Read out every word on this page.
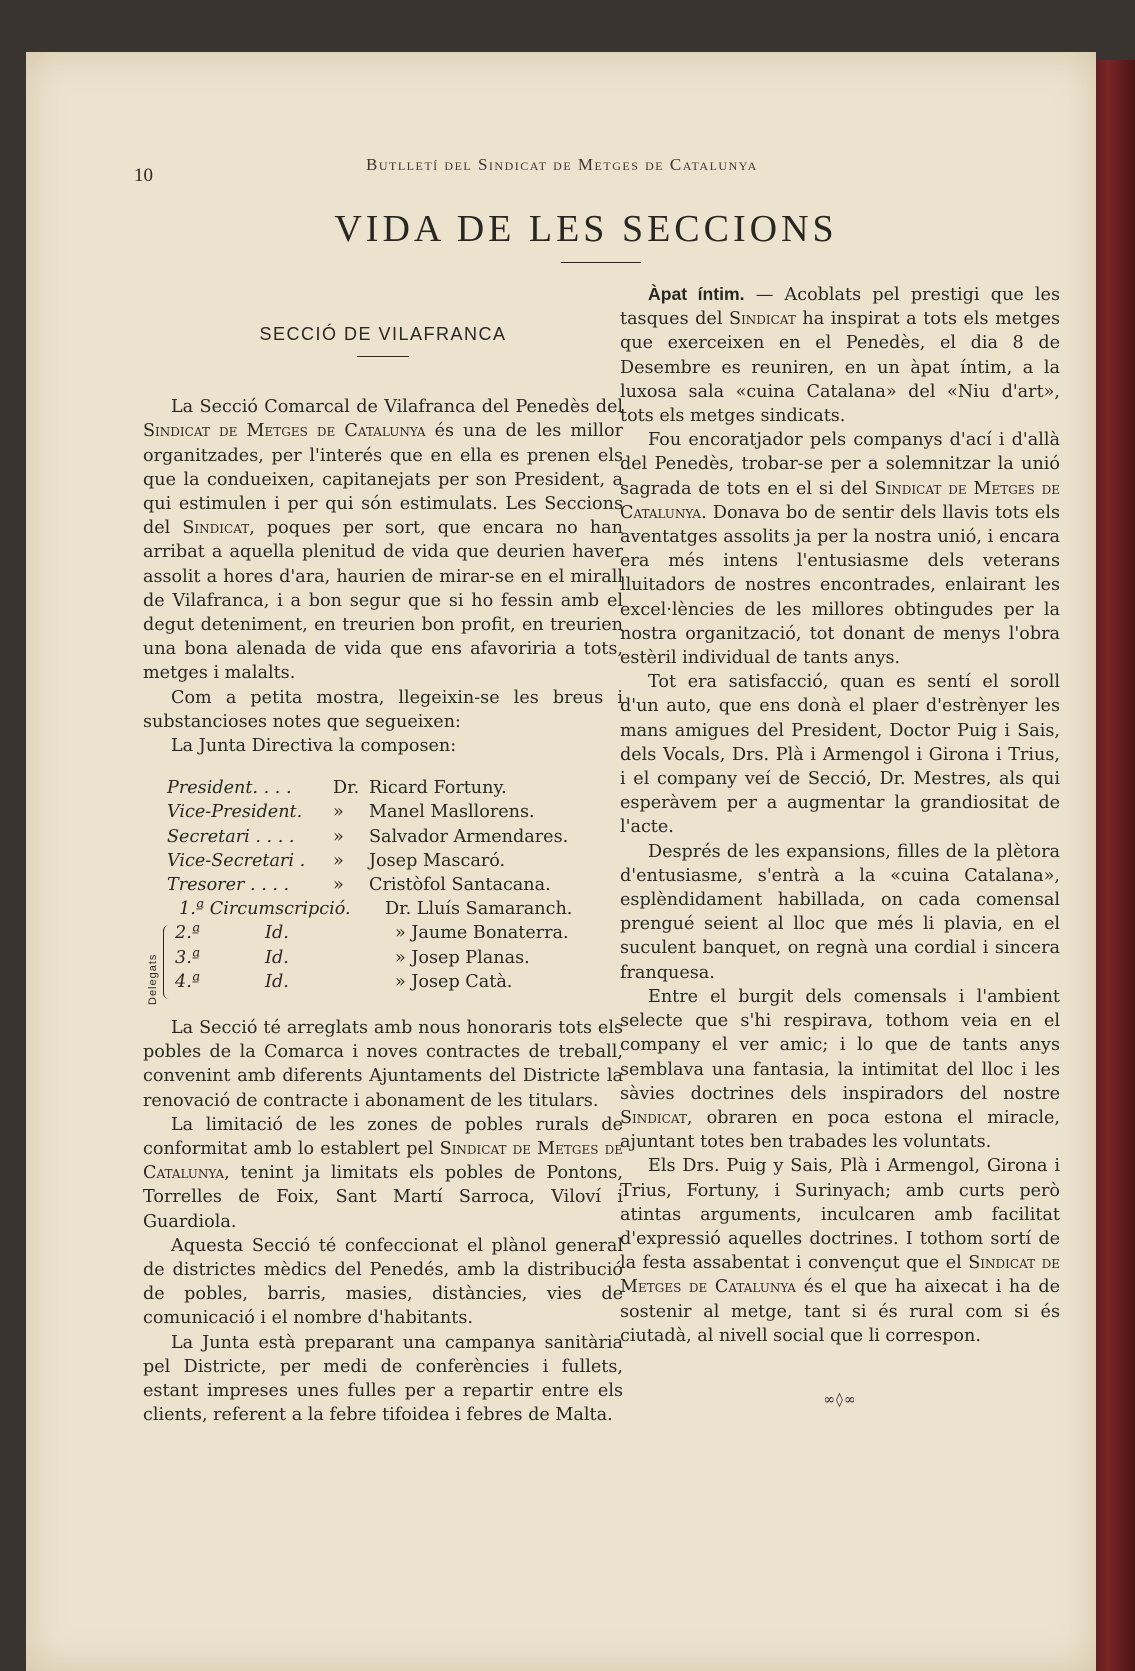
10
Butlletí del Sindicat de Metges de Catalunya
VIDA DE LES SECCIONS
SECCIÓ DE VILAFRANCA

La Secció Comarcal de Vilafranca del Penedès del Sindicat de Metges de Catalunya és una de les millor organitzades, per l'interés que en ella es prenen els que la condueixen, capitanejats per son President, a qui estimulen i per qui són estimulats. Les Seccions del Sindicat, poques per sort, que encara no han arribat a aquella plenitud de vida que deurien haver assolit a hores d'ara, haurien de mirar-se en el mirall de Vilafranca, i a bon segur que si ho fessin amb el degut deteniment, en treurien bon profit, en treurien una bona alenada de vida que ens afavoriria a tots, metges i malalts.

Com a petita mostra, llegeixin-se les breus i substancioses notes que segueixen:

La Junta Directiva la composen:

President. . . .	Dr. Ricard Fortuny.
Vice-President.	»	Manel Masllorens.
Secretari . . . .	»	Salvador Armendares.
Vice-Secretari .	»	Josep Mascaró.
Tresorer . . . .	»	Cristòfol Santacana.
Delegats
1.ª Circumscripció.	Dr. Lluís Samaranch.
2.ª	Id.	» Jaume Bonaterra.
3.ª	Id.	» Josep Planas.
4.ª	Id.	» Josep Catà.

La Secció té arreglats amb nous honoraris tots els pobles de la Comarca i noves contractes de treball, convenint amb diferents Ajuntaments del Districte la renovació de contracte i abonament de les titulars.

La limitació de les zones de pobles rurals de conformitat amb lo establert pel Sindicat de Metges de Catalunya, tenint ja limitats els pobles de Pontons, Torrelles de Foix, Sant Martí Sarroca, Viloví i Guardiola.

Aquesta Secció té confeccionat el plànol general de districtes mèdics del Penedés, amb la distribució de pobles, barris, masies, distàncies, vies de comunicació i el nombre d'habitants.

La Junta està preparant una campanya sanitària pel Districte, per medi de conferències i fullets, estant impreses unes fulles per a repartir entre els clients, referent a la febre tifoidea i febres de Malta.

Àpat íntim. — Acoblats pel prestigi que les tasques del Sindicat ha inspirat a tots els metges que exerceixen en el Penedès, el dia 8 de Desembre es reuniren, en un àpat íntim, a la luxosa sala «cuina Catalana» del «Niu d'art», tots els metges sindicats.

Fou encoratjador pels companys d'ací i d'allà del Penedès, trobar-se per a solemnitzar la unió sagrada de tots en el si del Sindicat de Metges de Catalunya. Donava bo de sentir dels llavis tots els aventatges assolits ja per la nostra unió, i encara era més intens l'entusiasme dels veterans lluitadors de nostres encontrades, enlairant les excel·lències de les millores obtingudes per la nostra organització, tot donant de menys l'obra estèril individual de tants anys.

Tot era satisfacció, quan es sentí el soroll d'un auto, que ens donà el plaer d'estrènyer les mans amigues del President, Doctor Puig i Sais, dels Vocals, Drs. Plà i Armengol i Girona i Trius, i el company veí de Secció, Dr. Mestres, als qui esperàvem per a augmentar la grandiositat de l'acte.

Després de les expansions, filles de la plètora d'entusiasme, s'entrà a la «cuina Catalana», esplèndidament habillada, on cada comensal prengué seient al lloc que més li plavia, en el suculent banquet, on regnà una cordial i sincera franquesa.

Entre el burgit dels comensals i l'ambient selecte que s'hi respirava, tothom veia en el company el ver amic; i lo que de tants anys semblava una fantasia, la intimitat del lloc i les sàvies doctrines dels inspiradors del nostre Sindicat, obraren en poca estona el miracle, ajuntant totes ben trabades les voluntats.

Els Drs. Puig y Sais, Plà i Armengol, Girona i Trius, Fortuny, i Surinyach; amb curts però atintas arguments, inculcaren amb facilitat d'expressió aquelles doctrines. I tothom sortí de la festa assabentat i convençut que el Sindicat de Metges de Catalunya és el que ha aixecat i ha de sostenir al metge, tant si és rural com si és ciutadà, al nivell social que li correspon.

∞◊∞
